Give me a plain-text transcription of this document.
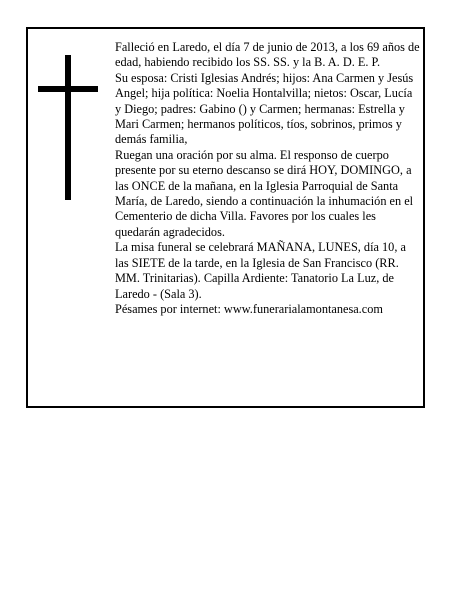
Falleció en Laredo, el día 7 de junio de 2013, a los 69 años de edad, habiendo recibido los SS. SS. y la B. A. D. E. P.

Su esposa: Cristi Iglesias Andrés; hijos: Ana Carmen y Jesús Angel; hija política: Noelia Hontalvilla; nietos: Oscar, Lucía y Diego; padres: Gabino () y Carmen; hermanas: Estrella y Mari Carmen; hermanos políticos, tíos, sobrinos, primos y demás familia,

Ruegan una oración por su alma. El responso de cuerpo presente por su eterno descanso se dirá HOY, DOMINGO, a las ONCE de la mañana, en la Iglesia Parroquial de Santa María, de Laredo, siendo a continuación la inhumación en el Cementerio de dicha Villa. Favores por los cuales les quedarán agradecidos.

La misa funeral se celebrará MAÑANA, LUNES, día 10, a las SIETE de la tarde, en la Iglesia de San Francisco (RR. MM. Trinitarias). Capilla Ardiente: Tanatorio La Luz, de Laredo - (Sala 3).

Pésames por internet: www.funerarialamontanesa.com
